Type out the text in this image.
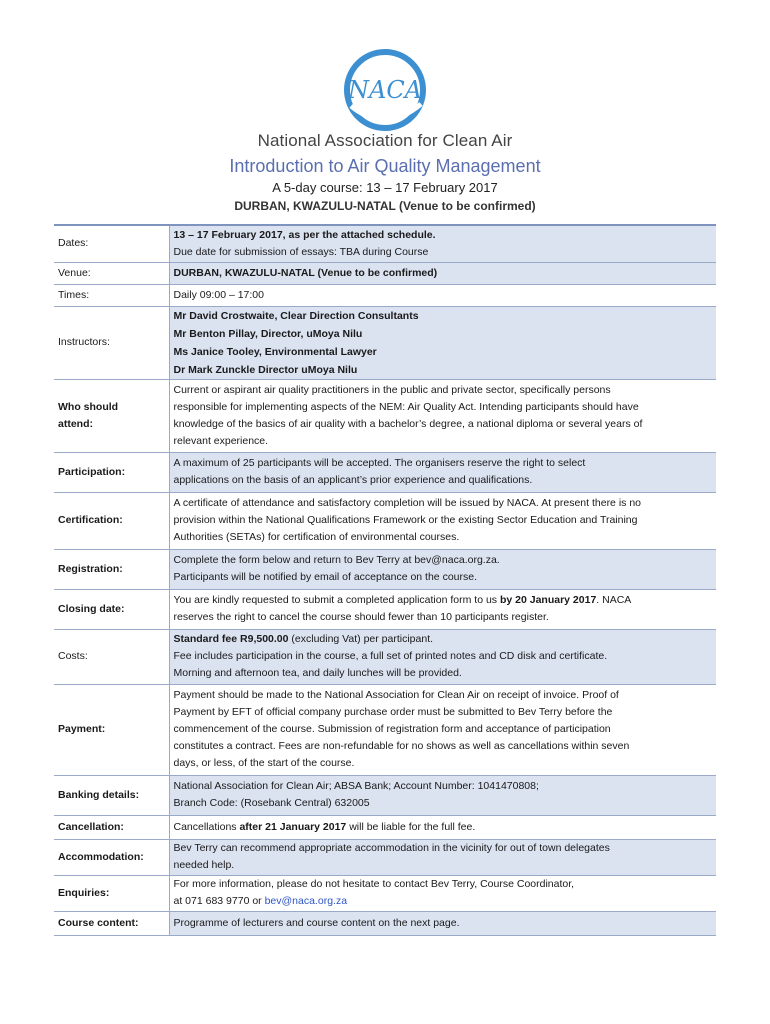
NACA
National Association for Clean Air
Introduction to Air Quality Management
A 5-day course: 13 – 17 February 2017
DURBAN, KWAZULU-NATAL (Venue to be confirmed)
Dates:	13 – 17 February 2017, as per the attached schedule.
Due date for submission of essays: TBA during Course

Venue:	DURBAN, KWAZULU-NATAL (Venue to be confirmed)
Times:	Daily 09:00 – 17:00
Instructors:	Mr David Crostwaite, Clear Direction Consultants
Mr Benton Pillay, Director, uMoya Nilu
Ms Janice Tooley, Environmental Lawyer
Dr Mark Zunckle Director uMoya Nilu

Who should
attend:	Current or aspirant air quality practitioners in the public and private sector, specifically persons
responsible for implementing aspects of the NEM: Air Quality Act. Intending participants should have
knowledge of the basics of air quality with a bachelor’s degree, a national diploma or several years of
relevant experience.

Participation:	A maximum of 25 participants will be accepted. The organisers reserve the right to select
applications on the basis of an applicant’s prior experience and qualifications.

Certification:	A certificate of attendance and satisfactory completion will be issued by NACA. At present there is no
provision within the National Qualifications Framework or the existing Sector Education and Training
Authorities (SETAs) for certification of environmental courses.

Registration:	Complete the form below and return to Bev Terry at bev@naca.org.za.
Participants will be notified by email of acceptance on the course.

Closing date:	You are kindly requested to submit a completed application form to us by 20 January 2017. NACA
reserves the right to cancel the course should fewer than 10 participants register.

Costs:	Standard fee R9,500.00 (excluding Vat) per participant.
Fee includes participation in the course, a full set of printed notes and CD disk and certificate.
Morning and afternoon tea, and daily lunches will be provided.

Payment:	Payment should be made to the National Association for Clean Air on receipt of invoice. Proof of
Payment by EFT of official company purchase order must be submitted to Bev Terry before the
commencement of the course. Submission of registration form and acceptance of participation
constitutes a contract. Fees are non-refundable for no shows as well as cancellations within seven
days, or less, of the start of the course.

Banking details:	National Association for Clean Air; ABSA Bank; Account Number: 1041470808;
Branch Code: (Rosebank Central) 632005

Cancellation:	Cancellations after 21 January 2017 will be liable for the full fee.
Accommodation:	Bev Terry can recommend appropriate accommodation in the vicinity for out of town delegates
needed help.

Enquiries:	For more information, please do not hesitate to contact Bev Terry, Course Coordinator,
at 071 683 9770 or bev@naca.org.za

Course content:	Programme of lecturers and course content on the next page.
